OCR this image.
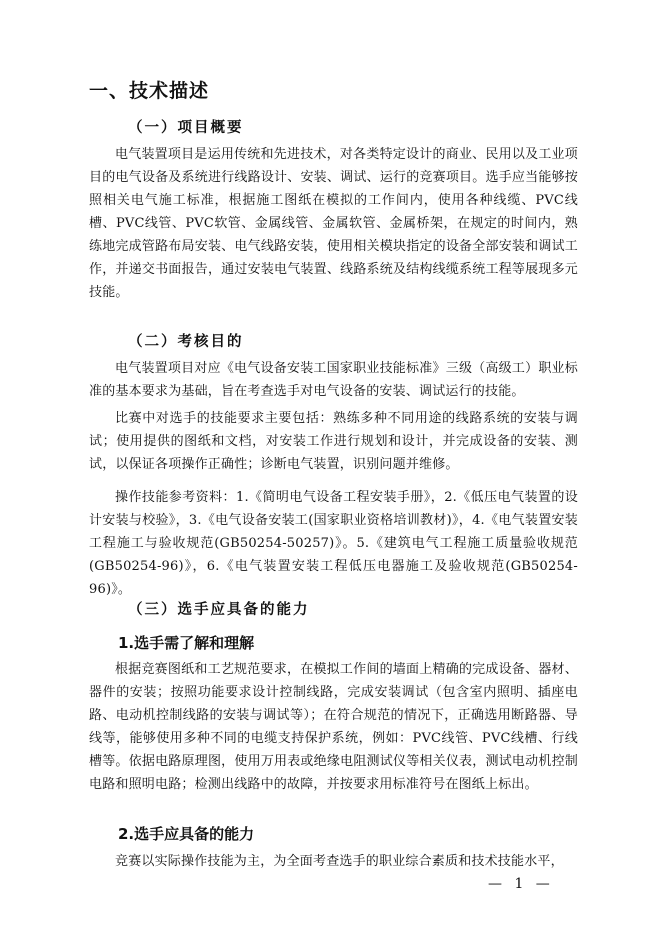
一、技术描述
（一）项目概要

电气装置项目是运用传统和先进技术，对各类特定设计的商业、民用以及工业项目的电气设备及系统进行线路设计、安装、调试、运行的竞赛项目。选手应当能够按照相关电气施工标准，根据施工图纸在模拟的工作间内，使用各种线缆、PVC线槽、PVC线管、PVC软管、金属线管、金属软管、金属桥架，在规定的时间内，熟练地完成管路布局安装、电气线路安装，使用相关模块指定的设备全部安装和调试工作，并递交书面报告，通过安装电气装置、线路系统及结构线缆系统工程等展现多元技能。

（二）考核目的

电气装置项目对应《电气设备安装工国家职业技能标准》三级（高级工）职业标准的基本要求为基础，旨在考查选手对电气设备的安装、调试运行的技能。

比赛中对选手的技能要求主要包括：熟练多种不同用途的线路系统的安装与调试；使用提供的图纸和文档，对安装工作进行规划和设计，并完成设备的安装、测试，以保证各项操作正确性；诊断电气装置，识别问题并维修。

操作技能参考资料：1.《简明电气设备工程安装手册》，2.《低压电气装置的设计安装与校验》，3.《电气设备安装工(国家职业资格培训教材)》，4.《电气装置安装工程施工与验收规范(GB50254-50257)》。5.《建筑电气工程施工质量验收规范(GB50254-96)》，6.《电气装置安装工程低压电器施工及验收规范(GB50254-96)》。

（三）选手应具备的能力
1.选手需了解和理解

根据竞赛图纸和工艺规范要求，在模拟工作间的墙面上精确的完成设备、器材、器件的安装；按照功能要求设计控制线路，完成安装调试（包含室内照明、插座电路、电动机控制线路的安装与调试等）；在符合规范的情况下，正确选用断路器、导线等，能够使用多种不同的电缆支持保护系统，例如：PVC线管、PVC线槽、行线槽等。依据电路原理图，使用万用表或绝缘电阻测试仪等相关仪表，测试电动机控制电路和照明电路；检测出线路中的故障，并按要求用标准符号在图纸上标出。

2.选手应具备的能力

竞赛以实际操作技能为主，为全面考查选手的职业综合素质和技术技能水平，

— 1 —
